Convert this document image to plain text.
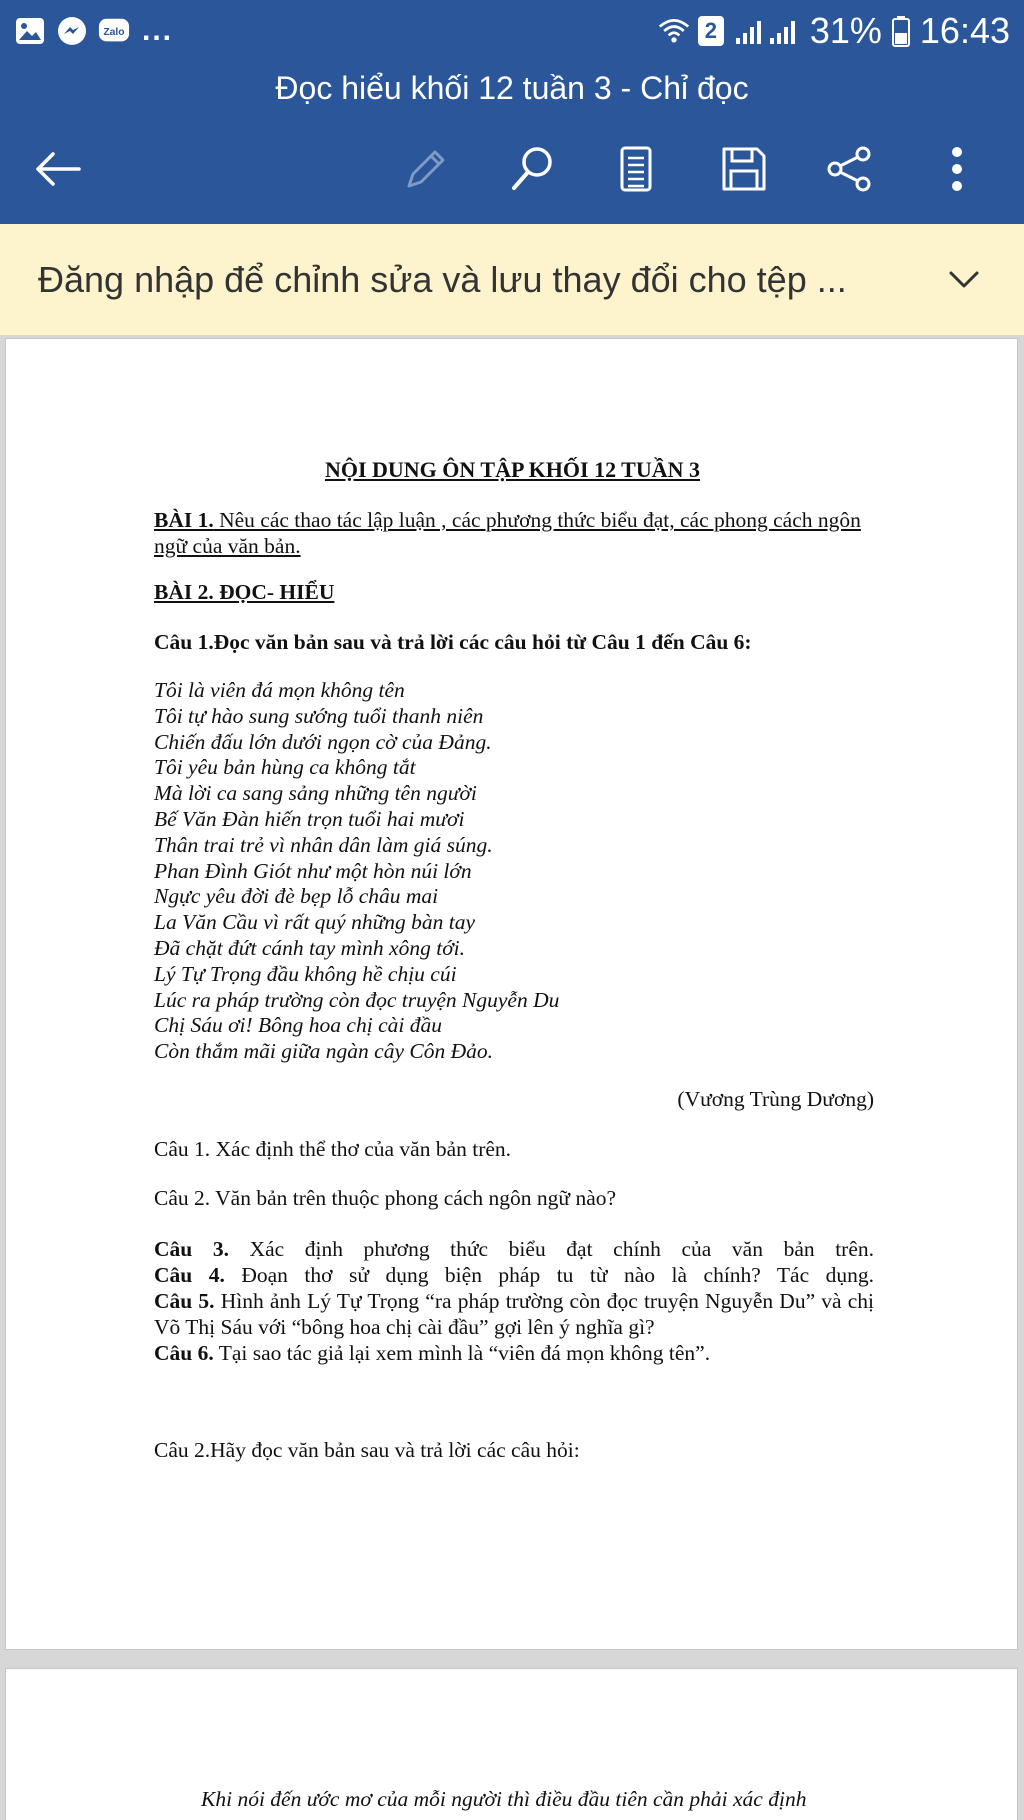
Zalo ...	2	31% 16:43
Đọc hiểu khối 12 tuần 3 - Chỉ đọc
Đăng nhập để chỉnh sửa và lưu thay đổi cho tệp ...
NỘI DUNG ÔN TẬP KHỐI 12 TUẦN 3
BÀI 1. Nêu các thao tác lập luận , các phương thức biểu đạt, các phong cách ngôn ngữ của văn bản.
BÀI 2. ĐỌC- HIỂU
Câu 1.Đọc văn bản sau và trả lời các câu hỏi từ Câu 1 đến Câu 6:
Tôi là viên đá mọn không tên
Tôi tự hào sung sướng tuổi thanh niên
Chiến đấu lớn dưới ngọn cờ của Đảng.
Tôi yêu bản hùng ca không tắt
Mà lời ca sang sảng những tên người
Bế Văn Đàn hiến trọn tuổi hai mươi
Thân trai trẻ vì nhân dân làm giá súng.
Phan Đình Giót như một hòn núi lớn
Ngực yêu đời đè bẹp lỗ châu mai
La Văn Cầu vì rất quý những bàn tay
Đã chặt đứt cánh tay mình xông tới.
Lý Tự Trọng đầu không hề chịu cúi
Lúc ra pháp trường còn đọc truyện Nguyễn Du
Chị Sáu ơi! Bông hoa chị cài đầu
Còn thắm mãi giữa ngàn cây Côn Đảo.
(Vương Trùng Dương)
Câu 1. Xác định thể thơ của văn bản trên.
Câu 2. Văn bản trên thuộc phong cách ngôn ngữ nào?
Câu 3. Xác định phương thức biểu đạt chính của văn bản trên.
Câu 4. Đoạn thơ sử dụng biện pháp tu từ nào là chính? Tác dụng.
Câu 5. Hình ảnh Lý Tự Trọng “ra pháp trường còn đọc truyện Nguyễn Du” và chị Võ Thị Sáu với “bông hoa chị cài đầu” gợi lên ý nghĩa gì?
Câu 6. Tại sao tác giả lại xem mình là “viên đá mọn không tên”.
Câu 2.Hãy đọc văn bản sau và trả lời các câu hỏi:
Khi nói đến ước mơ của mỗi người thì điều đầu tiên cần phải xác định
